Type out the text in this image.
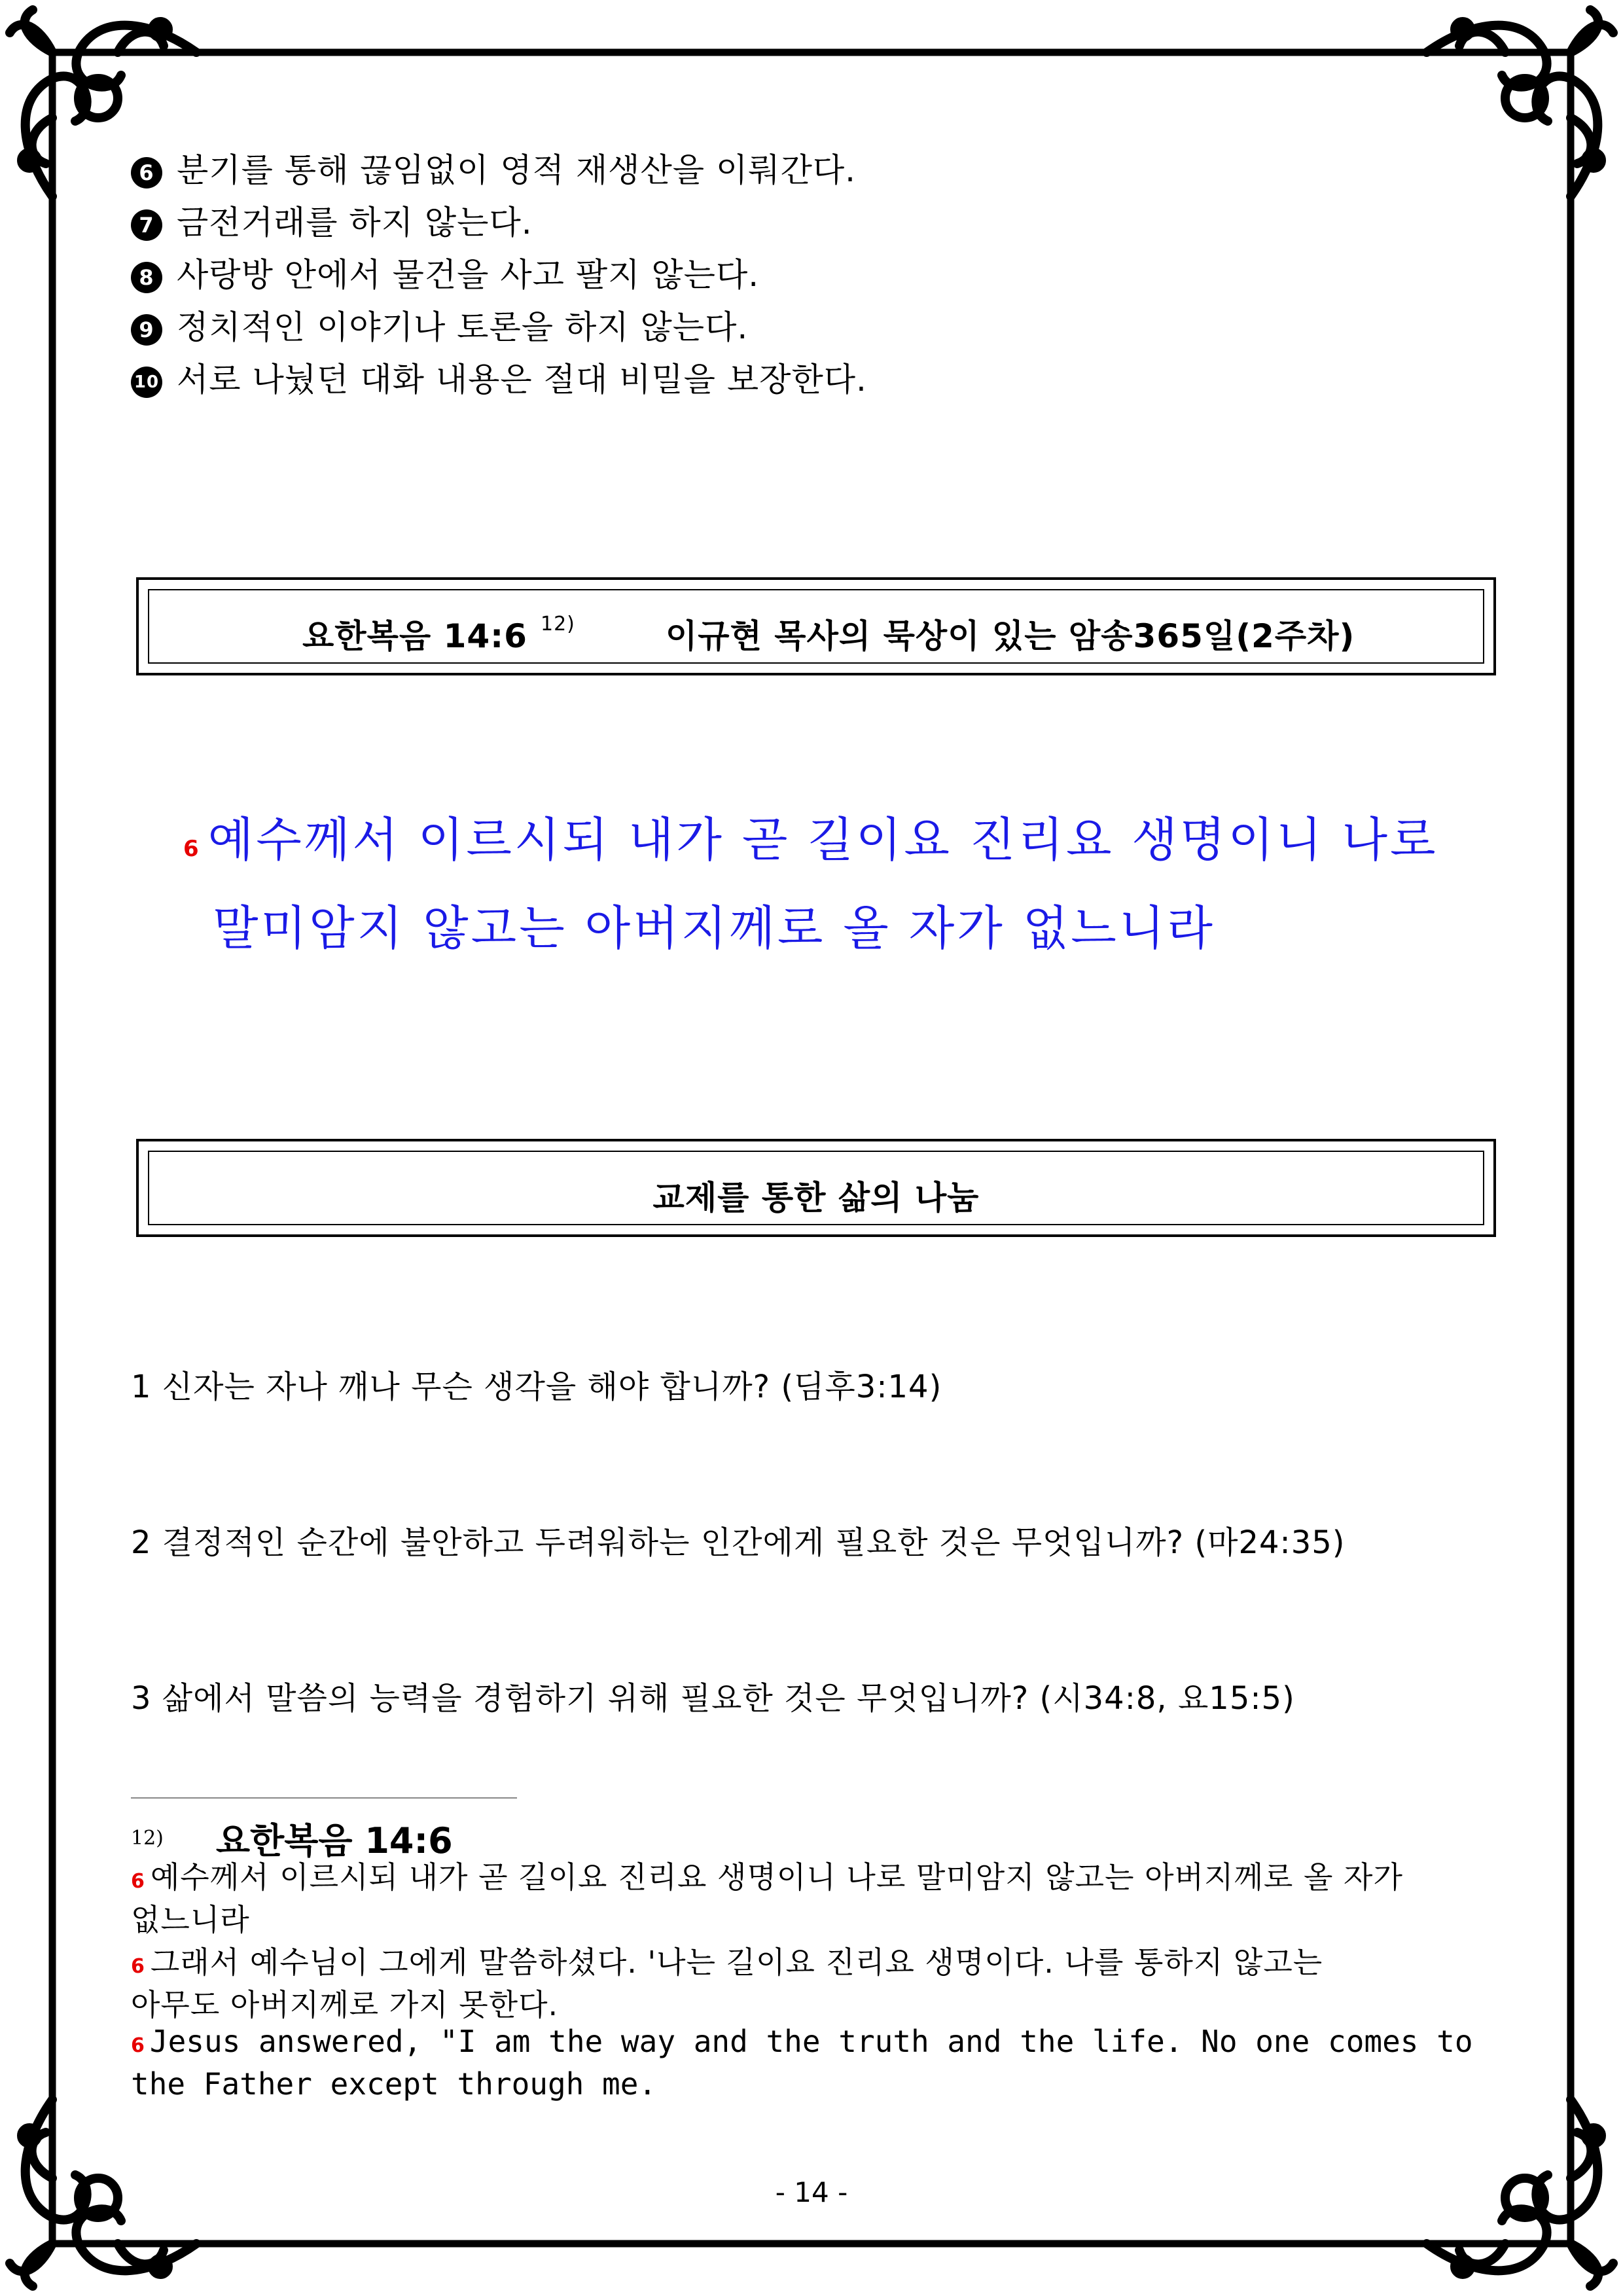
6 분기를 통해 끊임없이 영적 재생산을 이뤄간다.
7 금전거래를 하지 않는다.
8 사랑방 안에서 물건을 사고 팔지 않는다.
9 정치적인 이야기나 토론을 하지 않는다.
10 서로 나눴던 대화 내용은 절대 비밀을 보장한다.
요한복음 14:6 $^{12)}$	이규현 목사의 묵상이 있는 암송365일(2주차)
6 예수께서 이르시되 내가 곧 길이요 진리요 생명이니 나로
말미암지 않고는 아버지께로 올 자가 없느니라
교제를 통한 삶의 나눔
1 신자는 자나 깨나 무슨 생각을 해야 합니까? (딤후3:14)
2 결정적인 순간에 불안하고 두려워하는 인간에게 필요한 것은 무엇입니까? (마24:35)
3 삶에서 말씀의 능력을 경험하기 위해 필요한 것은 무엇입니까? (시34:8, 요15:5)
12) 요한복음 14:6
6 예수께서 이르시되 내가 곧 길이요 진리요 생명이니 나로 말미암지 않고는 아버지께로 올 자가
없느니라
6 그래서 예수님이 그에게 말씀하셨다. '나는 길이요 진리요 생명이다. 나를 통하지 않고는
아무도 아버지께로 가지 못한다.
6 Jesus answered, "I am the way and the truth and the life. No one comes to
the Father except through me.
- 14 -
